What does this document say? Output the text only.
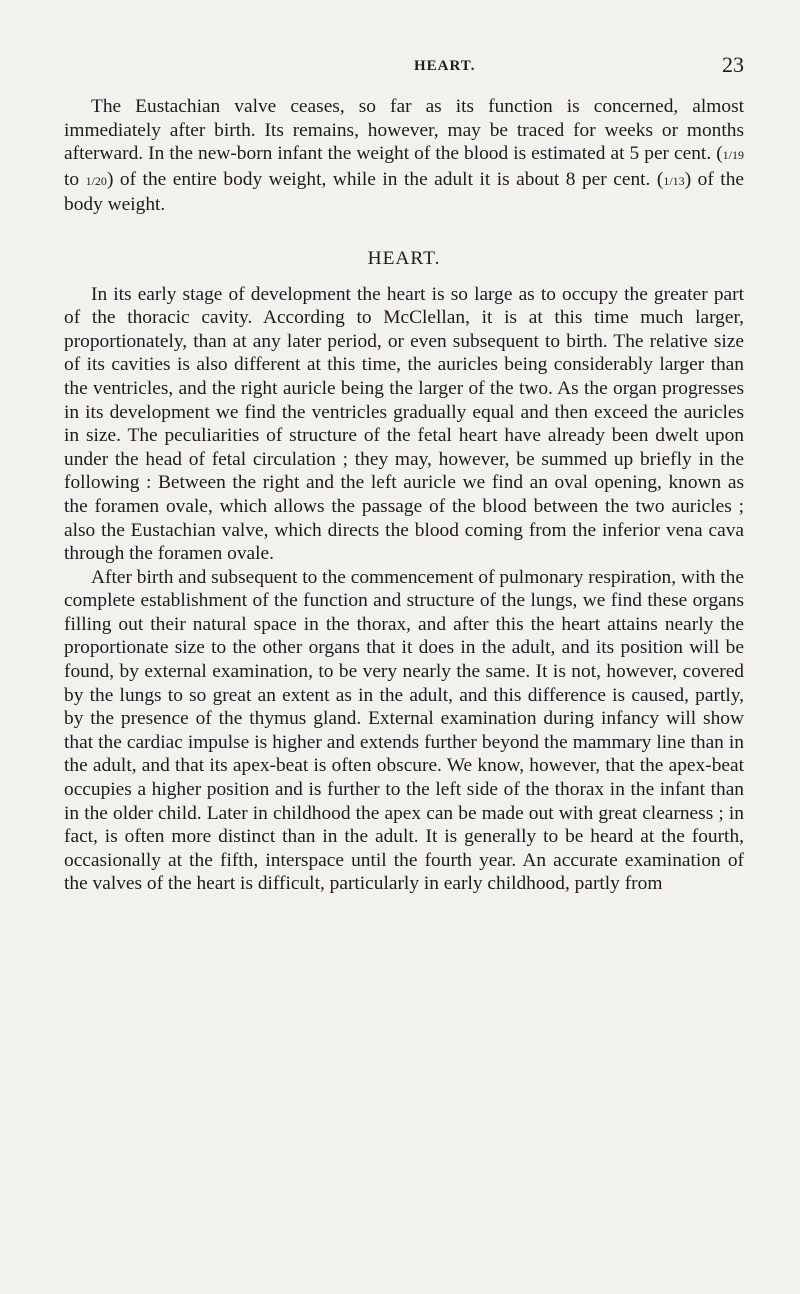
HEART.	23

The Eustachian valve ceases, so far as its function is concerned, almost immediately after birth. Its remains, however, may be traced for weeks or months afterward. In the new-born infant the weight of the blood is estimated at 5 per cent. (1/19 to 1/20) of the entire body weight, while in the adult it is about 8 per cent. (1/13) of the body weight.

HEART.

In its early stage of development the heart is so large as to occupy the greater part of the thoracic cavity. According to McClellan, it is at this time much larger, proportionately, than at any later period, or even subsequent to birth. The relative size of its cavities is also different at this time, the auricles being considerably larger than the ventricles, and the right auricle being the larger of the two. As the organ progresses in its development we find the ventricles gradually equal and then exceed the auricles in size. The peculiarities of structure of the fetal heart have already been dwelt upon under the head of fetal circulation ; they may, however, be summed up briefly in the following : Between the right and the left auricle we find an oval opening, known as the foramen ovale, which allows the passage of the blood between the two auricles ; also the Eustachian valve, which directs the blood coming from the inferior vena cava through the foramen ovale.

After birth and subsequent to the commencement of pulmonary respiration, with the complete establishment of the function and structure of the lungs, we find these organs filling out their natural space in the thorax, and after this the heart attains nearly the proportionate size to the other organs that it does in the adult, and its position will be found, by external examination, to be very nearly the same. It is not, however, covered by the lungs to so great an extent as in the adult, and this difference is caused, partly, by the presence of the thymus gland. External examination during infancy will show that the cardiac impulse is higher and extends further beyond the mammary line than in the adult, and that its apex-beat is often obscure. We know, however, that the apex-beat occupies a higher position and is further to the left side of the thorax in the infant than in the older child. Later in childhood the apex can be made out with great clearness ; in fact, is often more distinct than in the adult. It is generally to be heard at the fourth, occasionally at the fifth, interspace until the fourth year. An accurate examination of the valves of the heart is difficult, particularly in early childhood, partly from
